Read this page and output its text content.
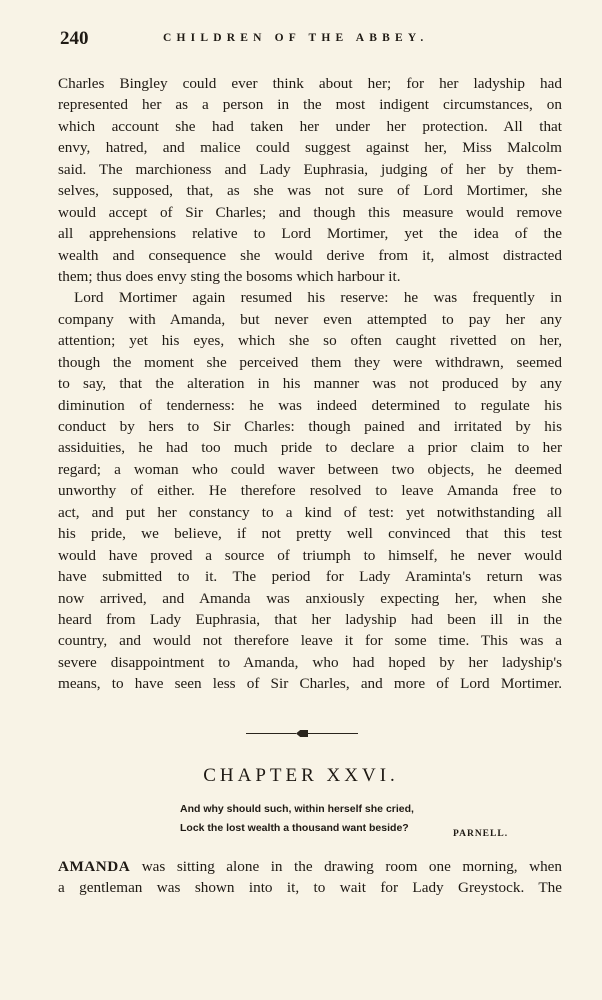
240	CHILDREN OF THE ABBEY.
Charles Bingley could ever think about her; for her ladyship had
represented her as a person in the most indigent circumstances, on
which account she had taken her under her protection. All that
envy, hatred, and malice could suggest against her, Miss Malcolm
said. The marchioness and Lady Euphrasia, judging of her by them-
selves, supposed, that, as she was not sure of Lord Mortimer, she
would accept of Sir Charles; and though this measure would remove
all apprehensions relative to Lord Mortimer, yet the idea of the
wealth and consequence she would derive from it, almost distracted
them; thus does envy sting the bosoms which harbour it.
Lord Mortimer again resumed his reserve: he was frequently in
company with Amanda, but never even attempted to pay her any
attention; yet his eyes, which she so often caught rivetted on her,
though the moment she perceived them they were withdrawn, seemed
to say, that the alteration in his manner was not produced by any
diminution of tenderness: he was indeed determined to regulate his
conduct by hers to Sir Charles: though pained and irritated by his
assiduities, he had too much pride to declare a prior claim to her
regard; a woman who could waver between two objects, he deemed
unworthy of either. He therefore resolved to leave Amanda free to
act, and put her constancy to a kind of test: yet notwithstanding all
his pride, we believe, if not pretty well convinced that this test
would have proved a source of triumph to himself, he never would
have submitted to it. The period for Lady Araminta's return was
now arrived, and Amanda was anxiously expecting her, when she
heard from Lady Euphrasia, that her ladyship had been ill in the
country, and would not therefore leave it for some time. This was a
severe disappointment to Amanda, who had hoped by her ladyship's
means, to have seen less of Sir Charles, and more of Lord Mortimer.
CHAPTER XXVI.
And why should such, within herself she cried,
Lock the lost wealth a thousand want beside?	PARNELL.
AMANDA was sitting alone in the drawing room one morning, when
a gentleman was shown into it, to wait for Lady Greystock. The
